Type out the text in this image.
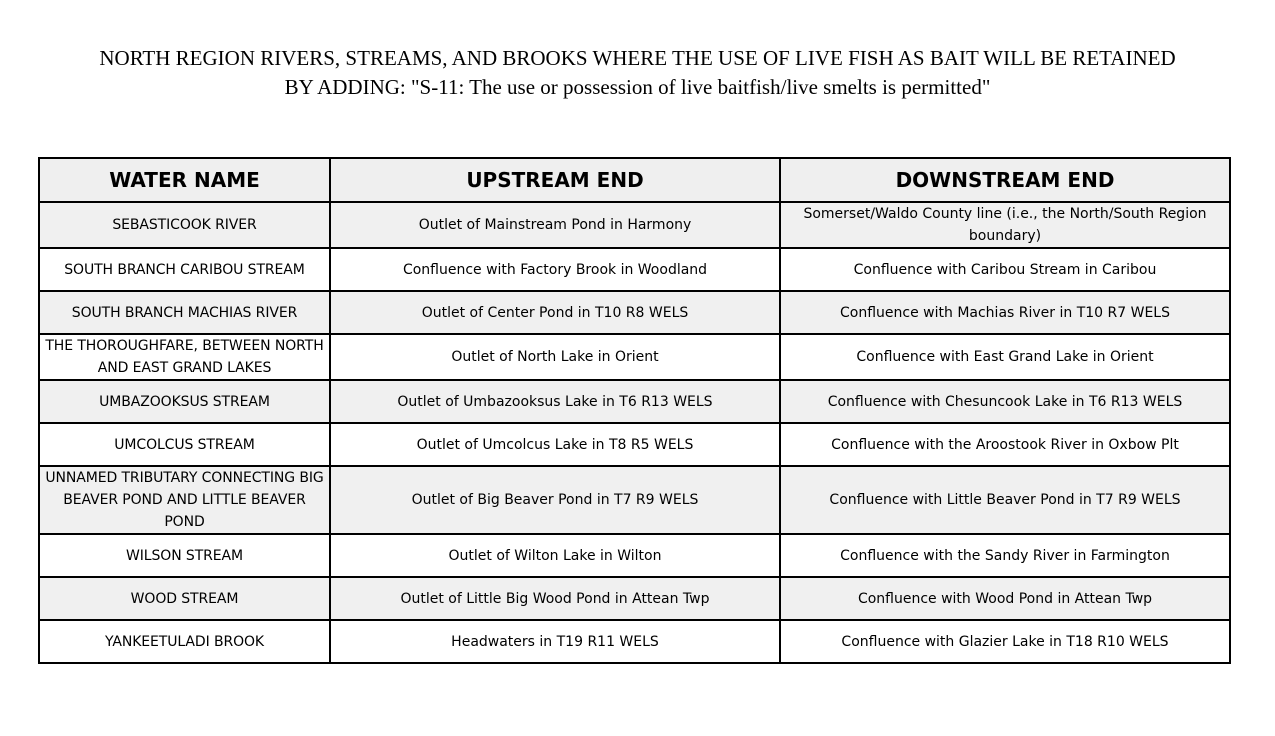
NORTH REGION RIVERS, STREAMS, AND BROOKS WHERE THE USE OF LIVE FISH AS BAIT WILL BE RETAINED
BY ADDING: "S-11: The use or possession of live baitfish/live smelts is permitted"
WATER NAME	UPSTREAM END	DOWNSTREAM END
SEBASTICOOK RIVER	Outlet of Mainstream Pond in Harmony	Somerset/Waldo County line (i.e., the North/South Region boundary)
SOUTH BRANCH CARIBOU STREAM	Confluence with Factory Brook in Woodland	Confluence with Caribou Stream in Caribou
SOUTH BRANCH MACHIAS RIVER	Outlet of Center Pond in T10 R8 WELS	Confluence with Machias River in T10 R7 WELS
THE THOROUGHFARE, BETWEEN NORTH AND EAST GRAND LAKES	Outlet of North Lake in Orient	Confluence with East Grand Lake in Orient
UMBAZOOKSUS STREAM	Outlet of Umbazooksus Lake in T6 R13 WELS	Confluence with Chesuncook Lake in T6 R13 WELS
UMCOLCUS STREAM	Outlet of Umcolcus Lake in T8 R5 WELS	Confluence with the Aroostook River in Oxbow Plt
UNNAMED TRIBUTARY CONNECTING BIG BEAVER POND AND LITTLE BEAVER POND	Outlet of Big Beaver Pond in T7 R9 WELS	Confluence with Little Beaver Pond in T7 R9 WELS
WILSON STREAM	Outlet of Wilton Lake in Wilton	Confluence with the Sandy River in Farmington
WOOD STREAM	Outlet of Little Big Wood Pond in Attean Twp	Confluence with Wood Pond in Attean Twp
YANKEETULADI BROOK	Headwaters in T19 R11 WELS	Confluence with Glazier Lake in T18 R10 WELS
